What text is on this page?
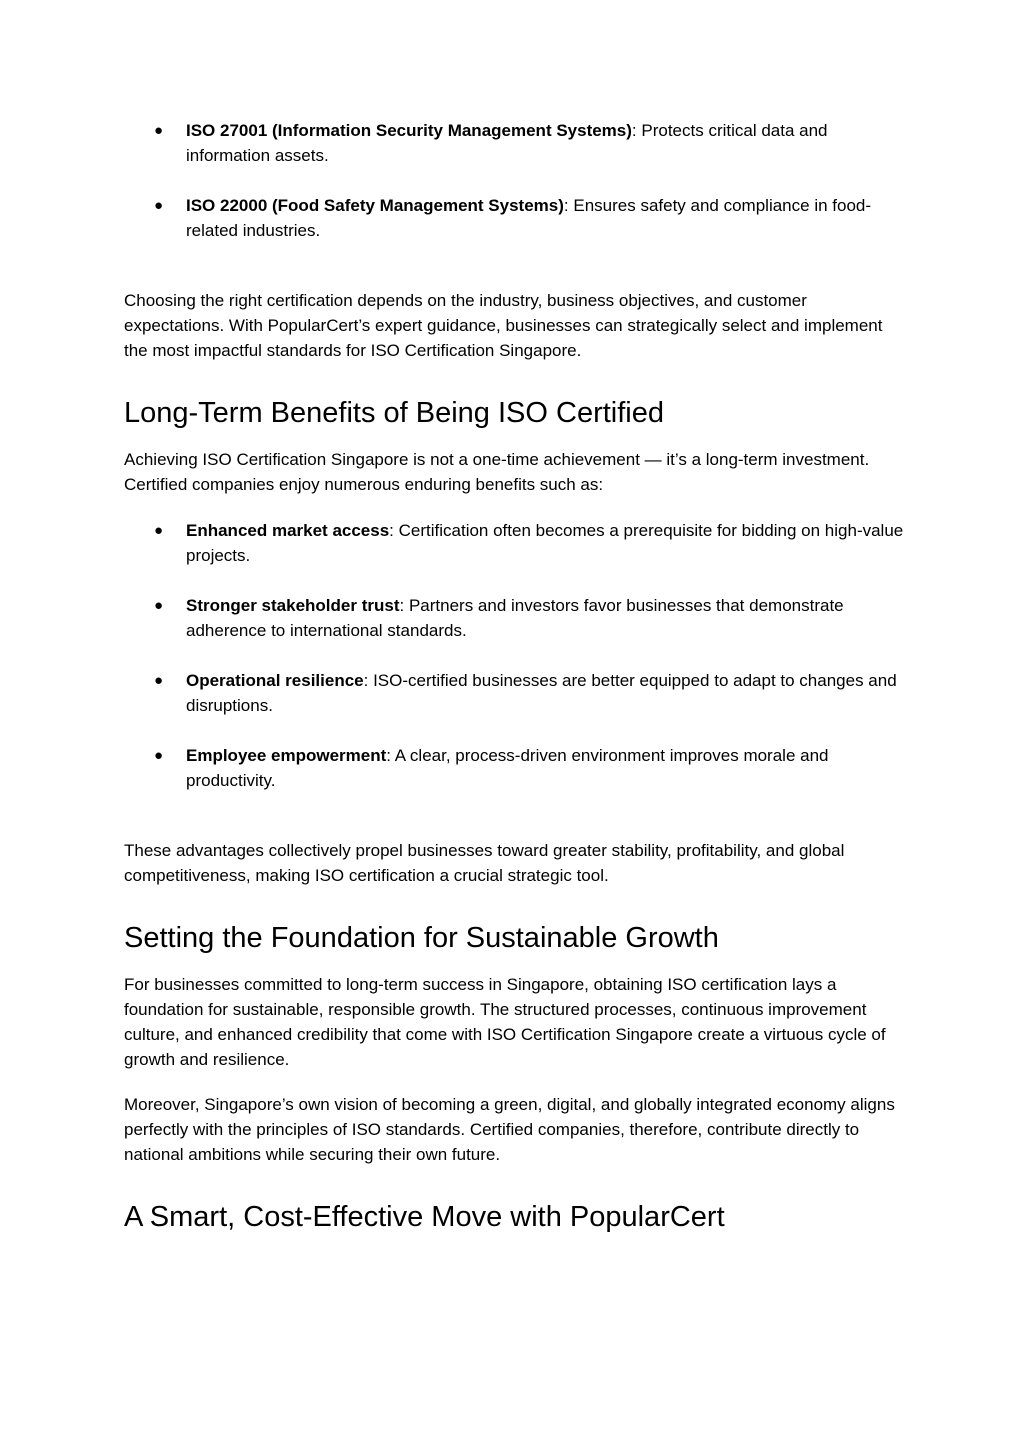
● ISO 27001 (Information Security Management Systems): Protects critical data and information assets.
● ISO 22000 (Food Safety Management Systems): Ensures safety and compliance in food-related industries.

Choosing the right certification depends on the industry, business objectives, and customer expectations. With PopularCert’s expert guidance, businesses can strategically select and implement the most impactful standards for ISO Certification Singapore.

Long-Term Benefits of Being ISO Certified

Achieving ISO Certification Singapore is not a one-time achievement — it’s a long-term investment. Certified companies enjoy numerous enduring benefits such as:

● Enhanced market access: Certification often becomes a prerequisite for bidding on high-value projects.
● Stronger stakeholder trust: Partners and investors favor businesses that demonstrate adherence to international standards.
● Operational resilience: ISO-certified businesses are better equipped to adapt to changes and disruptions.
● Employee empowerment: A clear, process-driven environment improves morale and productivity.

These advantages collectively propel businesses toward greater stability, profitability, and global competitiveness, making ISO certification a crucial strategic tool.

Setting the Foundation for Sustainable Growth

For businesses committed to long-term success in Singapore, obtaining ISO certification lays a foundation for sustainable, responsible growth. The structured processes, continuous improvement culture, and enhanced credibility that come with ISO Certification Singapore create a virtuous cycle of growth and resilience.

Moreover, Singapore’s own vision of becoming a green, digital, and globally integrated economy aligns perfectly with the principles of ISO standards. Certified companies, therefore, contribute directly to national ambitions while securing their own future.

A Smart, Cost-Effective Move with PopularCert
